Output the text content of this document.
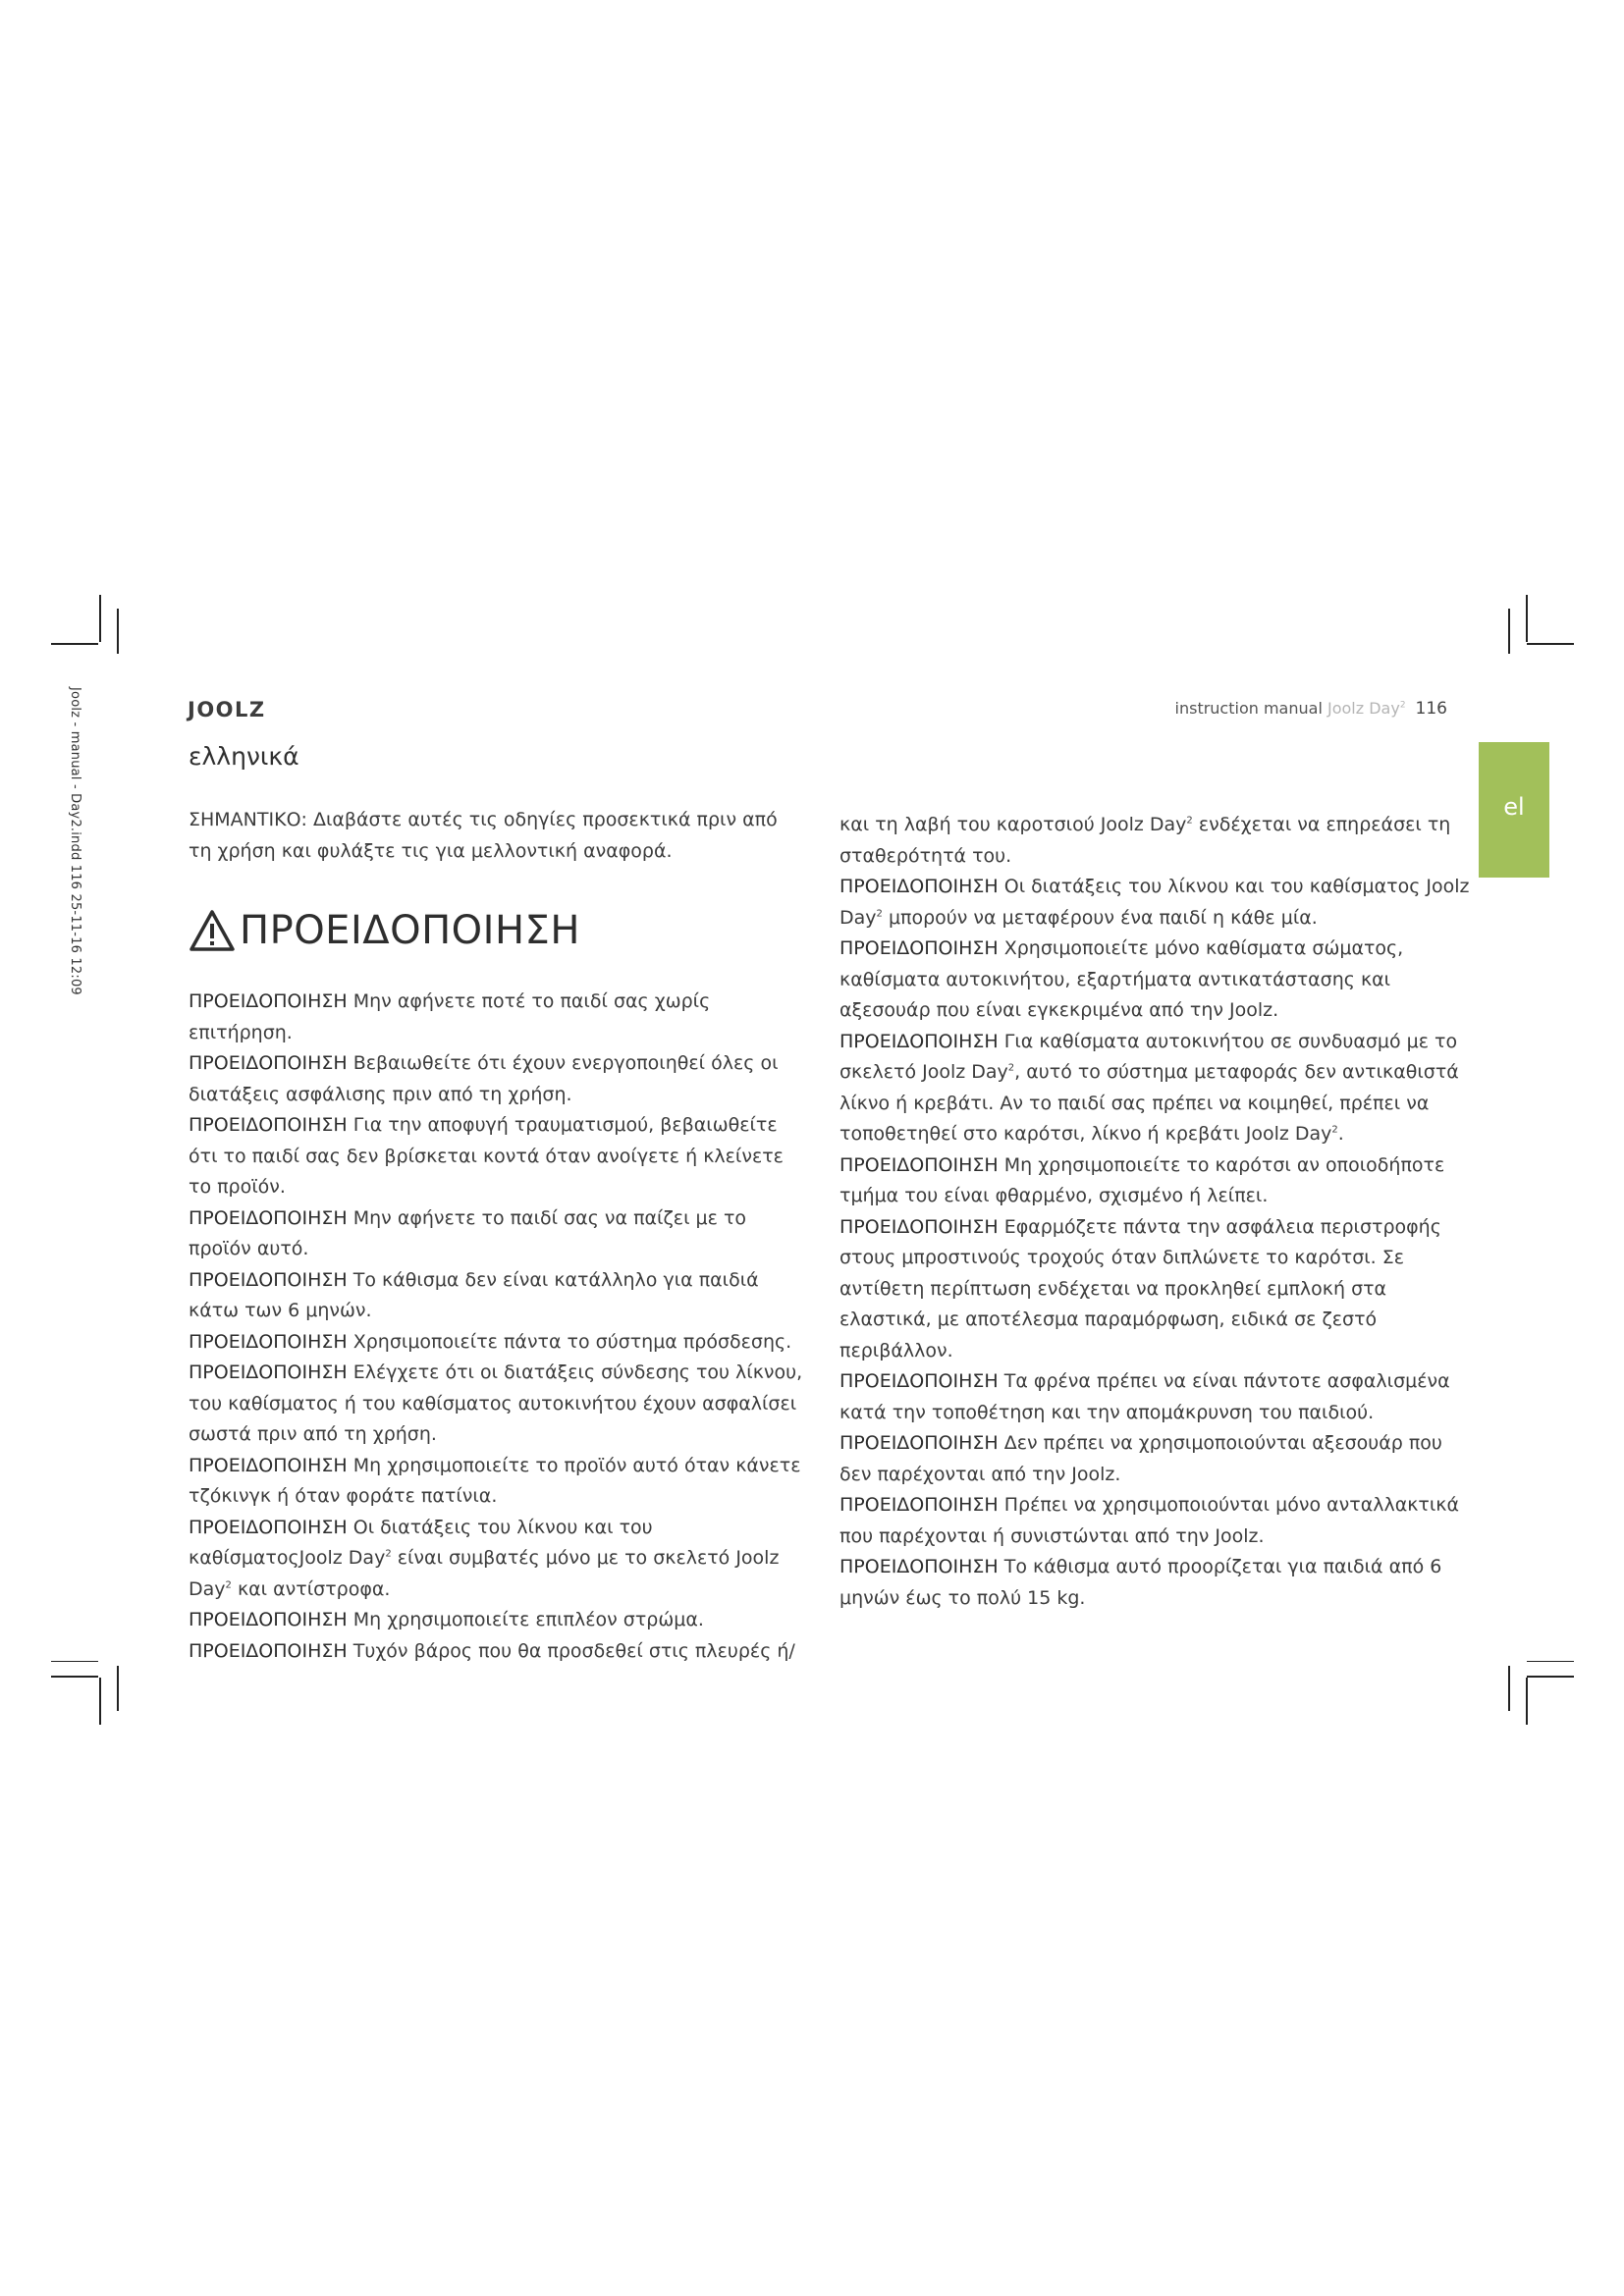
Joolz - manual - Day2.indd 116 25-11-16 12:09	JOOLZ	instruction manual Joolz Day$^2$ 116
ελληνικά
el

ΣΗΜΑΝΤΙΚΟ: Διαβάστε αυτές τις οδηγίες προσεκτικά πριν από τη χρήση και φυλάξτε τις για μελλοντική αναφορά.

ΠΡΟΕΙΔΟΠΟΙΗΣΗ

ΠΡΟΕΙΔΟΠΟΙΗΣΗ Μην αφήνετε ποτέ το παιδί σας χωρίς επιτήρηση.

ΠΡΟΕΙΔΟΠΟΙΗΣΗ Βεβαιωθείτε ότι έχουν ενεργοποιηθεί όλες οι διατάξεις ασφάλισης πριν από τη χρήση.

ΠΡΟΕΙΔΟΠΟΙΗΣΗ Για την αποφυγή τραυματισμού, βεβαιωθείτε ότι το παιδί σας δεν βρίσκεται κοντά όταν ανοίγετε ή κλείνετε το προϊόν.

ΠΡΟΕΙΔΟΠΟΙΗΣΗ Μην αφήνετε το παιδί σας να παίζει με το προϊόν αυτό.

ΠΡΟΕΙΔΟΠΟΙΗΣΗ Το κάθισμα δεν είναι κατάλληλο για παιδιά κάτω των 6 μηνών.

ΠΡΟΕΙΔΟΠΟΙΗΣΗ Χρησιμοποιείτε πάντα το σύστημα πρόσδεσης.

ΠΡΟΕΙΔΟΠΟΙΗΣΗ Ελέγχετε ότι οι διατάξεις σύνδεσης του λίκνου, του καθίσματος ή του καθίσματος αυτοκινήτου έχουν ασφαλίσει σωστά πριν από τη χρήση.

ΠΡΟΕΙΔΟΠΟΙΗΣΗ Μη χρησιμοποιείτε το προϊόν αυτό όταν κάνετε τζόκινγκ ή όταν φοράτε πατίνια.

ΠΡΟΕΙΔΟΠΟΙΗΣΗ Οι διατάξεις του λίκνου και του καθίσματοςJoolz Day$^2$ είναι συμβατές μόνο με το σκελετό Joolz Day$^2$ και αντίστροφα.

ΠΡΟΕΙΔΟΠΟΙΗΣΗ Μη χρησιμοποιείτε επιπλέον στρώμα.

ΠΡΟΕΙΔΟΠΟΙΗΣΗ Τυχόν βάρος που θα προσδεθεί στις πλευρές ή/

και τη λαβή του καροτσιού Joolz Day$^2$ ενδέχεται να επηρεάσει τη σταθερότητά του.

ΠΡΟΕΙΔΟΠΟΙΗΣΗ Οι διατάξεις του λίκνου και του καθίσματος Joolz Day$^2$ μπορούν να μεταφέρουν ένα παιδί η κάθε μία.

ΠΡΟΕΙΔΟΠΟΙΗΣΗ Χρησιμοποιείτε μόνο καθίσματα σώματος, καθίσματα αυτοκινήτου, εξαρτήματα αντικατάστασης και αξεσουάρ που είναι εγκεκριμένα από την Joolz.

ΠΡΟΕΙΔΟΠΟΙΗΣΗ Για καθίσματα αυτοκινήτου σε συνδυασμό με το σκελετό Joolz Day$^2$, αυτό το σύστημα μεταφοράς δεν αντικαθιστά λίκνο ή κρεβάτι. Αν το παιδί σας πρέπει να κοιμηθεί, πρέπει να τοποθετηθεί στο καρότσι, λίκνο ή κρεβάτι Joolz Day$^2$.

ΠΡΟΕΙΔΟΠΟΙΗΣΗ Μη χρησιμοποιείτε το καρότσι αν οποιοδήποτε τμήμα του είναι φθαρμένο, σχισμένο ή λείπει.

ΠΡΟΕΙΔΟΠΟΙΗΣΗ Εφαρμόζετε πάντα την ασφάλεια περιστροφής στους μπροστινούς τροχούς όταν διπλώνετε το καρότσι. Σε αντίθετη περίπτωση ενδέχεται να προκληθεί εμπλοκή στα ελαστικά, με αποτέλεσμα παραμόρφωση, ειδικά σε ζεστό περιβάλλον.

ΠΡΟΕΙΔΟΠΟΙΗΣΗ Τα φρένα πρέπει να είναι πάντοτε ασφαλισμένα κατά την τοποθέτηση και την απομάκρυνση του παιδιού.

ΠΡΟΕΙΔΟΠΟΙΗΣΗ Δεν πρέπει να χρησιμοποιούνται αξεσουάρ που δεν παρέχονται από την Joolz.

ΠΡΟΕΙΔΟΠΟΙΗΣΗ Πρέπει να χρησιμοποιούνται μόνο ανταλλακτικά που παρέχονται ή συνιστώνται από την Joolz.

ΠΡΟΕΙΔΟΠΟΙΗΣΗ Το κάθισμα αυτό προορίζεται για παιδιά από 6 μηνών έως το πολύ 15 kg.
